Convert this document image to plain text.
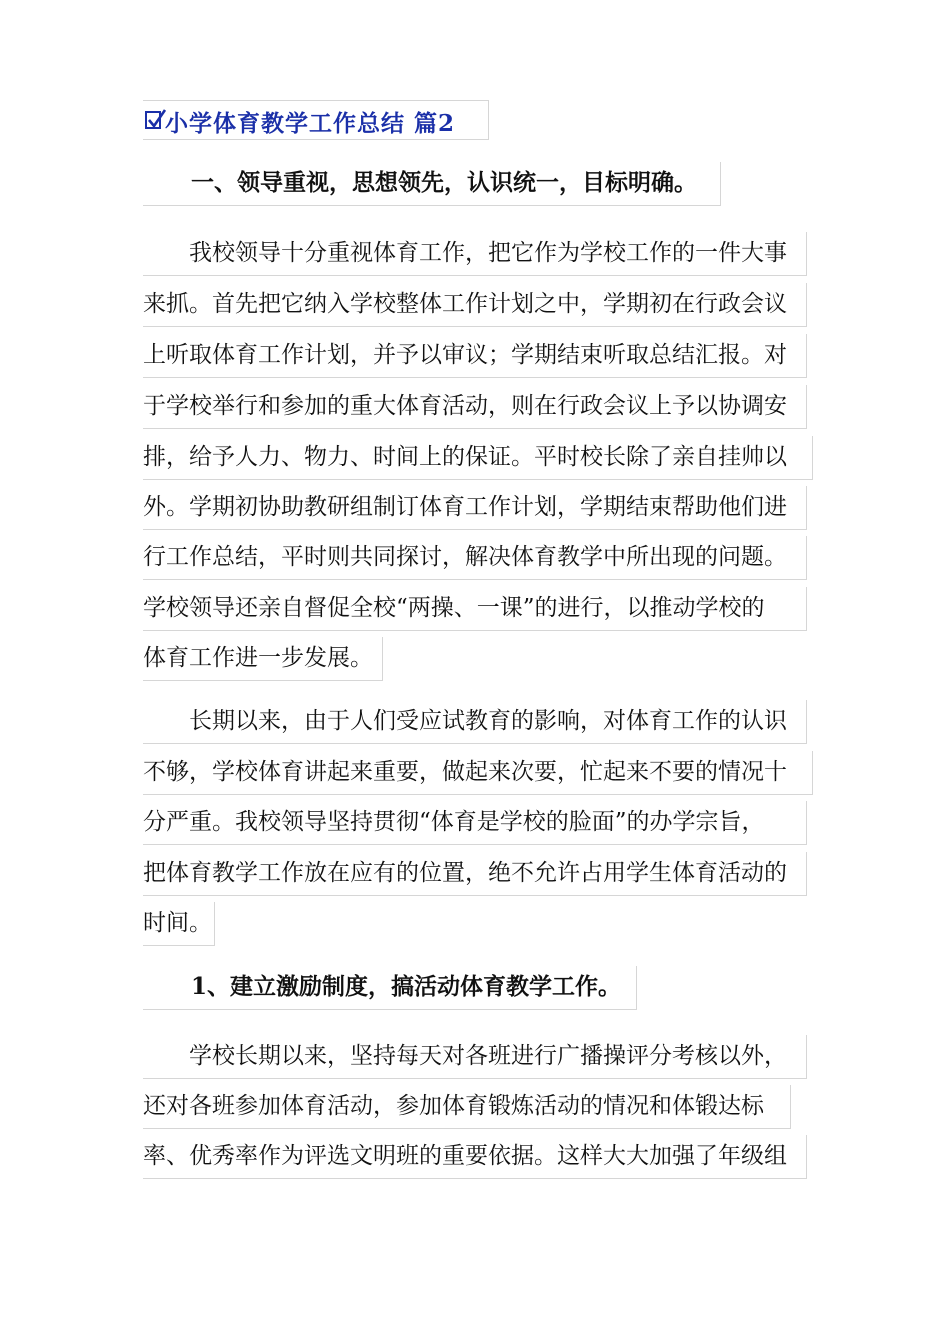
小学体育教学工作总结 篇2
一、领导重视，思想领先，认识统一，目标明确。
　　我校领导十分重视体育工作，把它作为学校工作的一件大事
来抓。首先把它纳入学校整体工作计划之中，学期初在行政会议
上听取体育工作计划，并予以审议；学期结束听取总结汇报。对
于学校举行和参加的重大体育活动，则在行政会议上予以协调安
排，给予人力、物力、时间上的保证。平时校长除了亲自挂帅以
外。学期初协助教研组制订体育工作计划，学期结束帮助他们进
行工作总结，平时则共同探讨，解决体育教学中所出现的问题。
学校领导还亲自督促全校“两操、一课”的进行，以推动学校的
体育工作进一步发展。
　　长期以来，由于人们受应试教育的影响，对体育工作的认识
不够，学校体育讲起来重要，做起来次要，忙起来不要的情况十
分严重。我校领导坚持贯彻“体育是学校的脸面”的办学宗旨，
把体育教学工作放在应有的位置，绝不允许占用学生体育活动的
时间。
1、建立激励制度，搞活动体育教学工作。
　　学校长期以来，坚持每天对各班进行广播操评分考核以外，
还对各班参加体育活动，参加体育锻炼活动的情况和体锻达标
率、优秀率作为评选文明班的重要依据。这样大大加强了年级组
